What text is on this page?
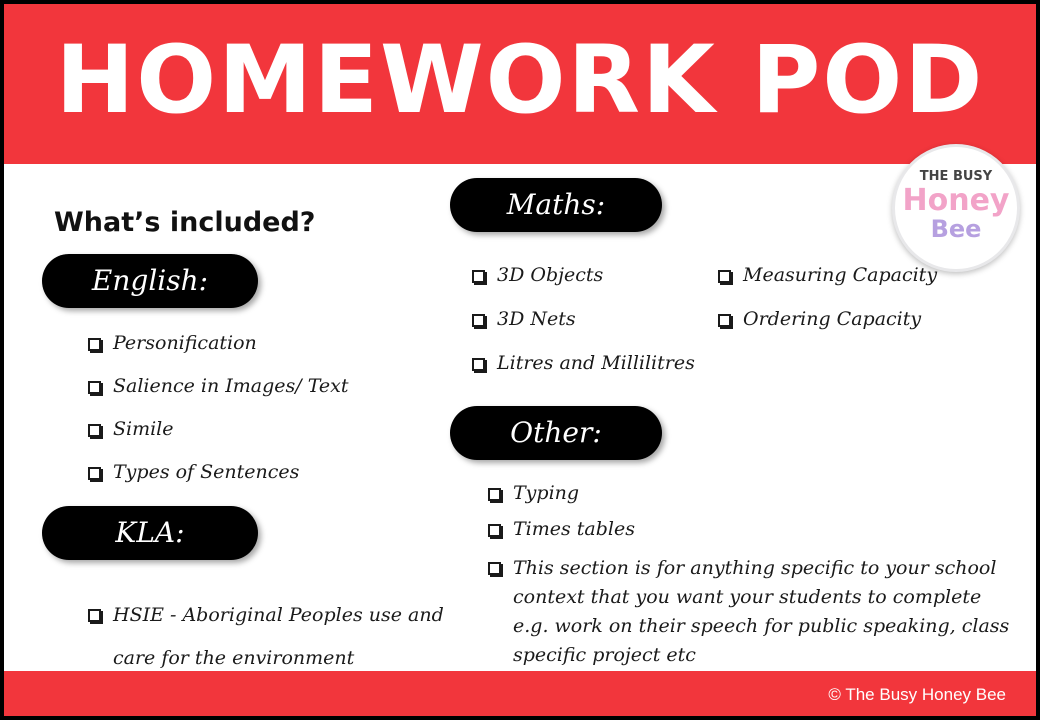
HOMEWORK POD
THE BUSY
Honey
Bee
What’s included?
English:
Personification
Salience in Images/ Text
Simile
Types of Sentences
KLA:
HSIE - Aboriginal Peoples use and care for the environment
Maths:
3D Objects
3D Nets
Litres and Millilitres
Measuring Capacity
Ordering Capacity
Other:
Typing
Times tables
This section is for anything specific to your school context that you want your students to complete e.g. work on their speech for public speaking, class specific project etc
© The Busy Honey Bee
